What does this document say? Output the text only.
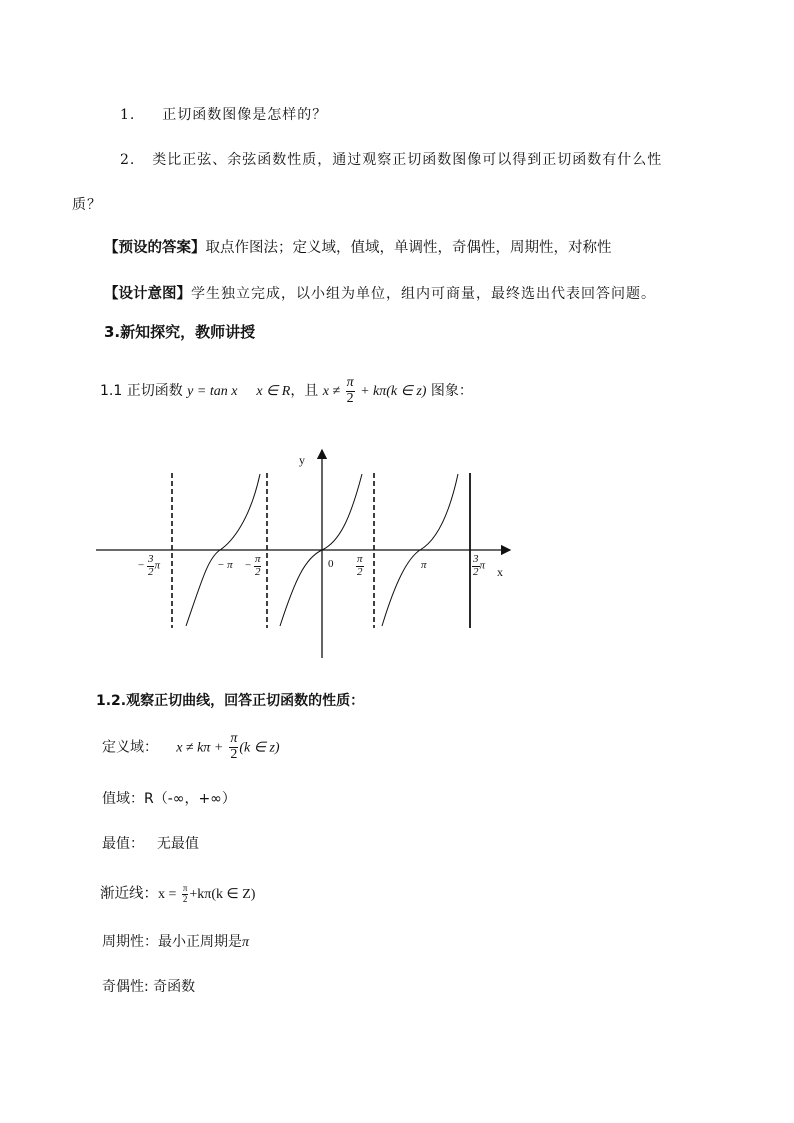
1. 正切函数图像是怎样的？
2. 类比正弦、余弦函数性质，通过观察正切函数图像可以得到正切函数有什么性
质？
【预设的答案】取点作图法；定义域，值域，单调性，奇偶性，周期性，对称性
【设计意图】学生独立完成，以小组为单位，组内可商量，最终选出代表回答问题。
3.新知探究，教师讲授
1.1 正切函数 y = tan x x ∈ R，且 $x \ne \frac{\pi}{2} + k\pi(k$ ∈ z) 图象：
y
x
0
− $\frac{3}{2}$ π	− $\pi - \frac{\pi}{2}$	$\frac{\pi}{2}$	π	$\frac{3}{2}$ π
1.2.观察正切曲线，回答正切函数的性质：
定义域： $x \ne k\pi + \frac{\pi}{2} (k$ ∈ z)
值域：R（-∞，+∞）
最值： 无最值
渐近线：$x = \frac{\pi}{2} +k\pi(k$ ∈ Z)
周期性：最小正周期是π
奇偶性: 奇函数
